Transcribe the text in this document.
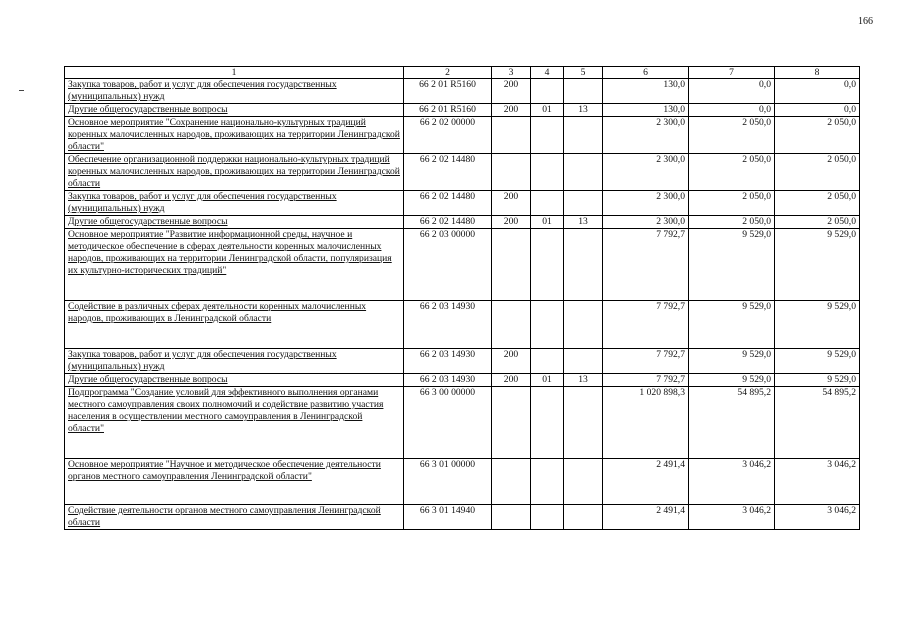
166
1	2	3	4	5	6	7	8
Закупка товаров, работ и услуг для обеспечения государственных (муниципальных) нужд	66 2 01 R5160	200			130,0	0,0	0,0
Другие общегосударственные вопросы	66 2 01 R5160	200	01	13	130,0	0,0	0,0
Основное мероприятие "Сохранение национально-культурных традиций коренных малочисленных народов, проживающих на территории Ленинградской области"	66 2 02 00000				2 300,0	2 050,0	2 050,0
Обеспечение организационной поддержки национально-культурных традиций коренных малочисленных народов, проживающих на территории Ленинградской области	66 2 02 14480				2 300,0	2 050,0	2 050,0
Закупка товаров, работ и услуг для обеспечения государственных (муниципальных) нужд	66 2 02 14480	200			2 300,0	2 050,0	2 050,0
Другие общегосударственные вопросы	66 2 02 14480	200	01	13	2 300,0	2 050,0	2 050,0
Основное мероприятие "Развитие информационной среды, научное и методическое обеспечение в сферах деятельности коренных малочисленных народов, проживающих на территории Ленинградской области, популяризация их культурно-исторических традиций"	66 2 03 00000				7 792,7	9 529,0	9 529,0
Содействие в различных сферах деятельности коренных малочисленных народов, проживающих в Ленинградской области	66 2 03 14930				7 792,7	9 529,0	9 529,0
Закупка товаров, работ и услуг для обеспечения государственных (муниципальных) нужд	66 2 03 14930	200			7 792,7	9 529,0	9 529,0
Другие общегосударственные вопросы	66 2 03 14930	200	01	13	7 792,7	9 529,0	9 529,0
Подпрограмма "Создание условий для эффективного выполнения органами местного самоуправления своих полномочий и содействие развитию участия населения в осуществлении местного самоуправления в Ленинградской области"	66 3 00 00000				1 020 898,3	54 895,2	54 895,2
Основное мероприятие "Научное и методическое обеспечение деятельности органов местного самоуправления Ленинградской области"	66 3 01 00000				2 491,4	3 046,2	3 046,2
Содействие деятельности органов местного самоуправления Ленинградской области	66 3 01 14940				2 491,4	3 046,2	3 046,2
